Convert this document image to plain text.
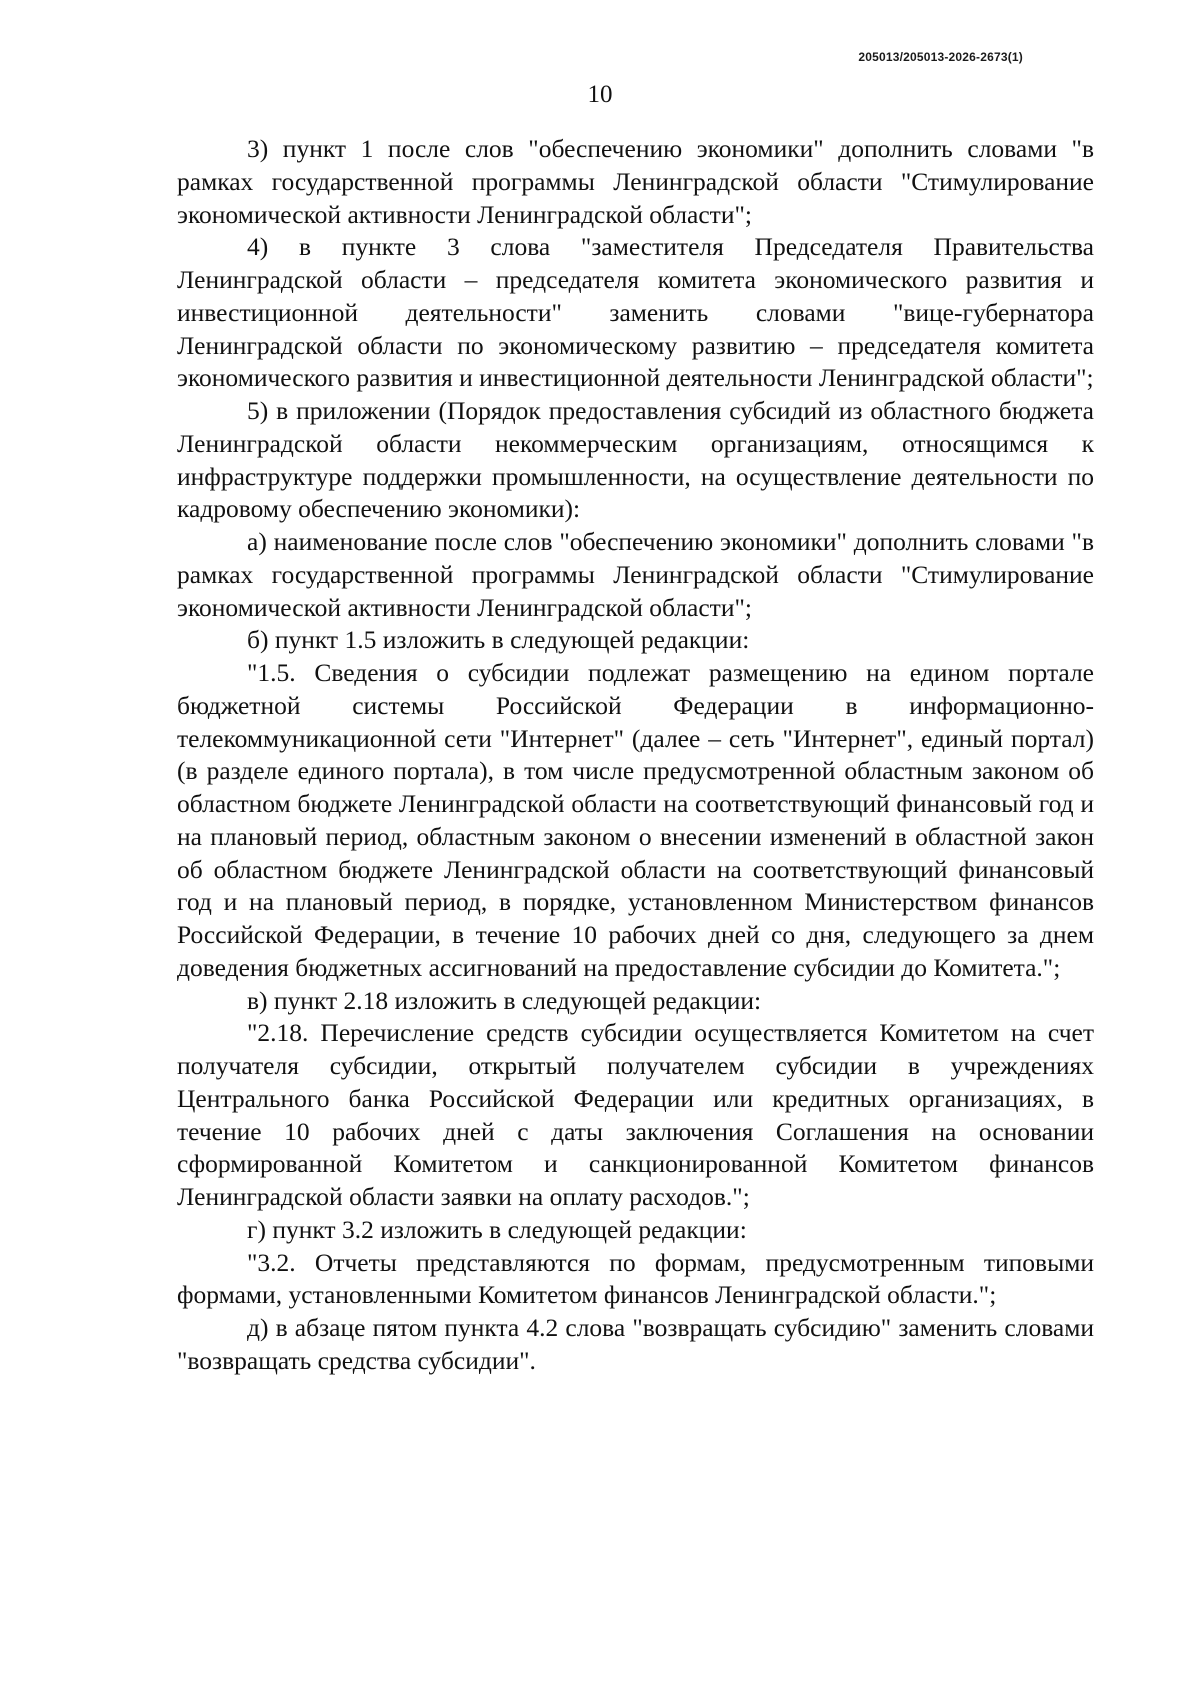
205013/205013-2026-2673(1)
10

3) пункт 1 после слов "обеспечению экономики" дополнить словами "в рамках государственной программы Ленинградской области "Стимулирование экономической активности Ленинградской области";

4) в пункте 3 слова "заместителя Председателя Правительства Ленинградской области – председателя комитета экономического развития и инвестиционной деятельности" заменить словами "вице-губернатора Ленинградской области по экономическому развитию – председателя комитета экономического развития и инвестиционной деятельности Ленинградской области";

5) в приложении (Порядок предоставления субсидий из областного бюджета Ленинградской области некоммерческим организациям, относящимся к инфраструктуре поддержки промышленности, на осуществление деятельности по кадровому обеспечению экономики):

а) наименование после слов "обеспечению экономики" дополнить словами "в рамках государственной программы Ленинградской области "Стимулирование экономической активности Ленинградской области";

б) пункт 1.5 изложить в следующей редакции:

"1.5. Сведения о субсидии подлежат размещению на едином портале бюджетной системы Российской Федерации в информационно-телекоммуникационной сети "Интернет" (далее – сеть "Интернет", единый портал) (в разделе единого портала), в том числе предусмотренной областным законом об областном бюджете Ленинградской области на соответствующий финансовый год и на плановый период, областным законом о внесении изменений в областной закон об областном бюджете Ленинградской области на соответствующий финансовый год и на плановый период, в порядке, установленном Министерством финансов Российской Федерации, в течение 10 рабочих дней со дня, следующего за днем доведения бюджетных ассигнований на предоставление субсидии до Комитета.";

в) пункт 2.18 изложить в следующей редакции:

"2.18. Перечисление средств субсидии осуществляется Комитетом на счет получателя субсидии, открытый получателем субсидии в учреждениях Центрального банка Российской Федерации или кредитных организациях, в течение 10 рабочих дней с даты заключения Соглашения на основании сформированной Комитетом и санкционированной Комитетом финансов Ленинградской области заявки на оплату расходов.";

г) пункт 3.2 изложить в следующей редакции:

"3.2. Отчеты представляются по формам, предусмотренным типовыми формами, установленными Комитетом финансов Ленинградской области.";

д) в абзаце пятом пункта 4.2 слова "возвращать субсидию" заменить словами "возвращать средства субсидии".
